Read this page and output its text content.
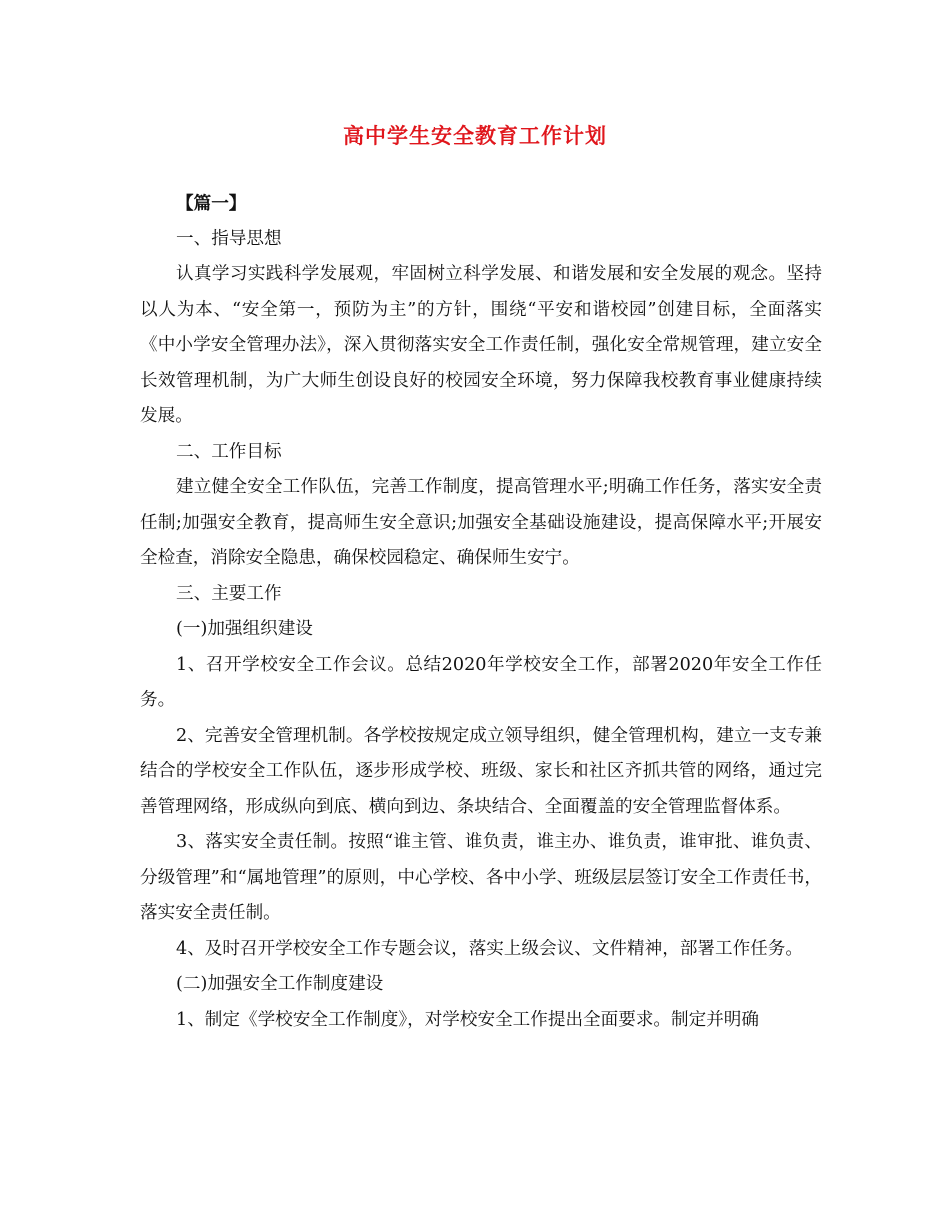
高中学生安全教育工作计划

【篇一】

一、指导思想

认真学习实践科学发展观，牢固树立科学发展、和谐发展和安全发展的观念。坚持以人为本、“安全第一，预防为主”的方针，围绕“平安和谐校园”创建目标，全面落实《中小学安全管理办法》，深入贯彻落实安全工作责任制，强化安全常规管理，建立安全长效管理机制，为广大师生创设良好的校园安全环境，努力保障我校教育事业健康持续发展。

二、工作目标

建立健全安全工作队伍，完善工作制度，提高管理水平;明确工作任务，落实安全责任制;加强安全教育，提高师生安全意识;加强安全基础设施建设，提高保障水平;开展安全检查，消除安全隐患，确保校园稳定、确保师生安宁。

三、主要工作

(一)加强组织建设

1、召开学校安全工作会议。总结2020年学校安全工作，部署2020年安全工作任务。

2、完善安全管理机制。各学校按规定成立领导组织，健全管理机构，建立一支专兼结合的学校安全工作队伍，逐步形成学校、班级、家长和社区齐抓共管的网络，通过完善管理网络，形成纵向到底、横向到边、条块结合、全面覆盖的安全管理监督体系。

3、落实安全责任制。按照“谁主管、谁负责，谁主办、谁负责，谁审批、谁负责、分级管理”和“属地管理”的原则，中心学校、各中小学、班级层层签订安全工作责任书，落实安全责任制。

4、及时召开学校安全工作专题会议，落实上级会议、文件精神，部署工作任务。

(二)加强安全工作制度建设

1、制定《学校安全工作制度》，对学校安全工作提出全面要求。制定并明确
